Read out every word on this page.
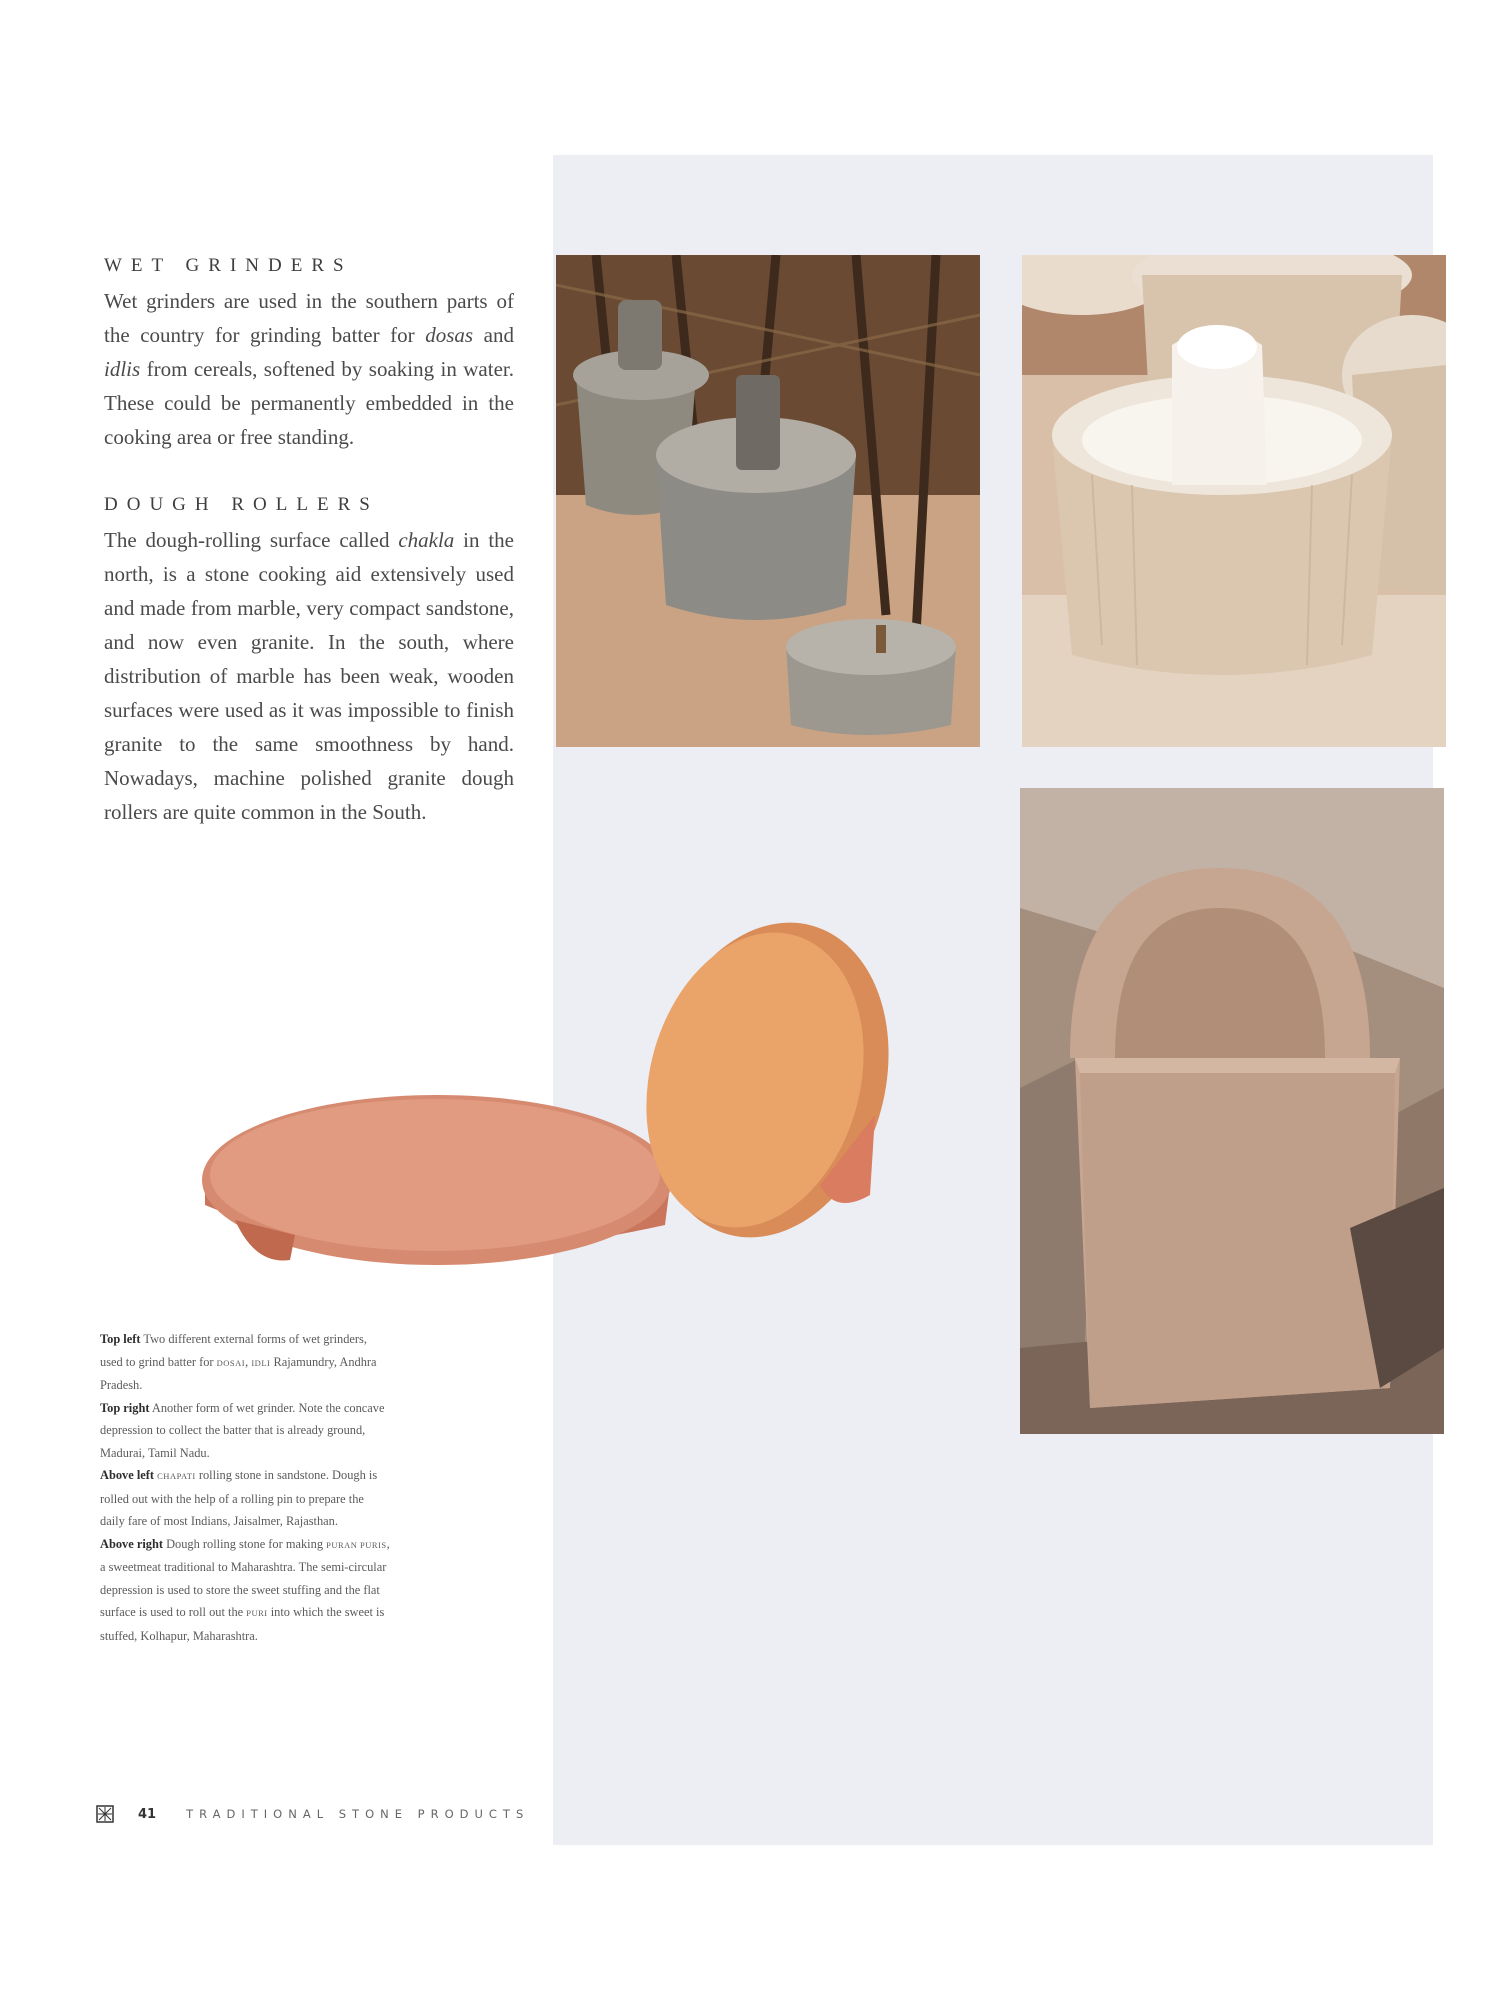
WET GRINDERS
Wet grinders are used in the southern parts of the country for grinding batter for dosas and idlis from cereals, softened by soaking in water. These could be permanently embedded in the cooking area or free standing.
DOUGH ROLLERS
The dough-rolling surface called chakla in the north, is a stone cooking aid extensively used and made from marble, very compact sandstone, and now even granite. In the south, where distribution of marble has been weak, wooden surfaces were used as it was impossible to finish granite to the same smoothness by hand. Nowadays, machine polished granite dough rollers are quite common in the South.
Top left Two different external forms of wet grinders, used to grind batter for DOSAI, IDLI Rajamundry, Andhra Pradesh.
Top right Another form of wet grinder. Note the concave depression to collect the batter that is already ground, Madurai, Tamil Nadu.
Above left CHAPATI rolling stone in sandstone. Dough is rolled out with the help of a rolling pin to prepare the daily fare of most Indians, Jaisalmer, Rajasthan.
Above right Dough rolling stone for making PURAN PURIS, a sweetmeat traditional to Maharashtra. The semi-circular depression is used to store the sweet stuffing and the flat surface is used to roll out the PURI into which the sweet is stuffed, Kolhapur, Maharashtra.
41	TRADITIONAL STONE PRODUCTS
